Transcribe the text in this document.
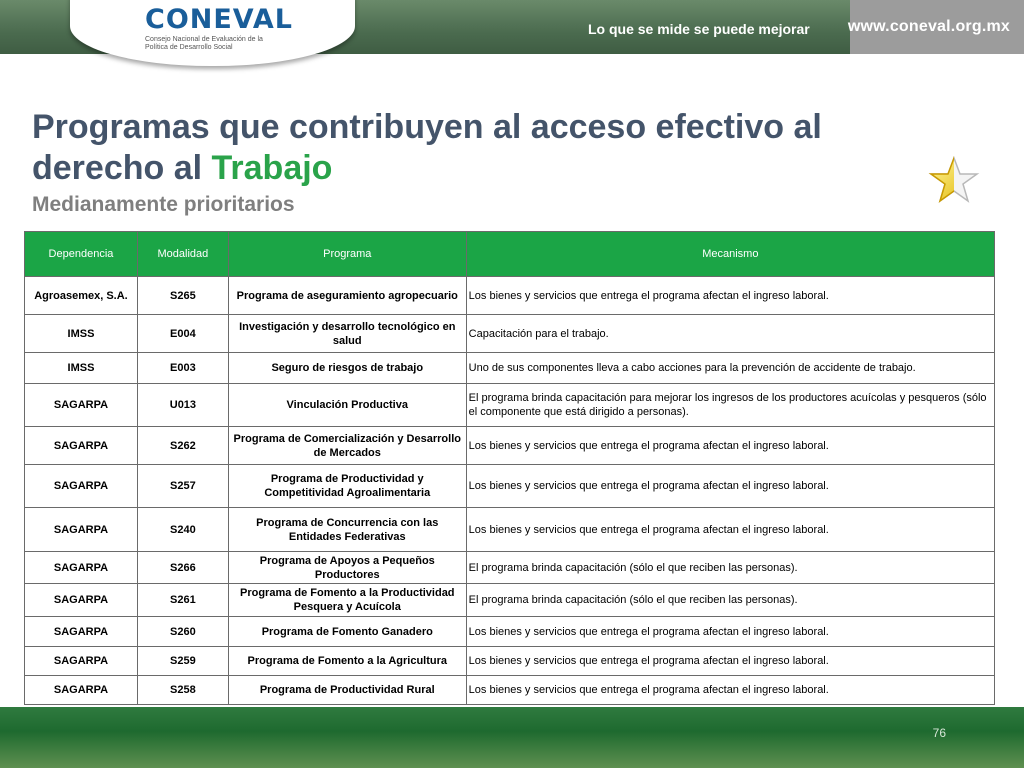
www.coneval.org.mx
Lo que se mide se puede mejorar
CONEVAL
Consejo Nacional de Evaluación de la Política de Desarrollo Social
Programas que contribuyen al acceso efectivo al derecho al Trabajo
Medianamente prioritarios
Dependencia	Modalidad	Programa	Mecanismo
Agroasemex, S.A.	S265	Programa de aseguramiento agropecuario	Los bienes y servicios que entrega el programa afectan el ingreso laboral.
IMSS	E004	Investigación y desarrollo tecnológico en salud	Capacitación para el trabajo.
IMSS	E003	Seguro de riesgos de trabajo	Uno de sus componentes lleva a cabo acciones para la prevención de accidente de trabajo.
SAGARPA	U013	Vinculación Productiva	El programa brinda capacitación para mejorar los ingresos de los productores acuícolas y pesqueros (sólo el componente que está dirigido a personas).
SAGARPA	S262	Programa de Comercialización y Desarrollo de Mercados	Los bienes y servicios que entrega el programa afectan el ingreso laboral.
SAGARPA	S257	Programa de Productividad y Competitividad Agroalimentaria	Los bienes y servicios que entrega el programa afectan el ingreso laboral.
SAGARPA	S240	Programa de Concurrencia con las Entidades Federativas	Los bienes y servicios que entrega el programa afectan el ingreso laboral.
SAGARPA	S266	Programa de Apoyos a Pequeños Productores	El programa brinda capacitación (sólo el que reciben las personas).
SAGARPA	S261	Programa de Fomento a la Productividad Pesquera y Acuícola	El programa brinda capacitación (sólo el que reciben las personas).
SAGARPA	S260	Programa de Fomento Ganadero	Los bienes y servicios que entrega el programa afectan el ingreso laboral.
SAGARPA	S259	Programa de Fomento a la Agricultura	Los bienes y servicios que entrega el programa afectan el ingreso laboral.
SAGARPA	S258	Programa de Productividad Rural	Los bienes y servicios que entrega el programa afectan el ingreso laboral.
76
